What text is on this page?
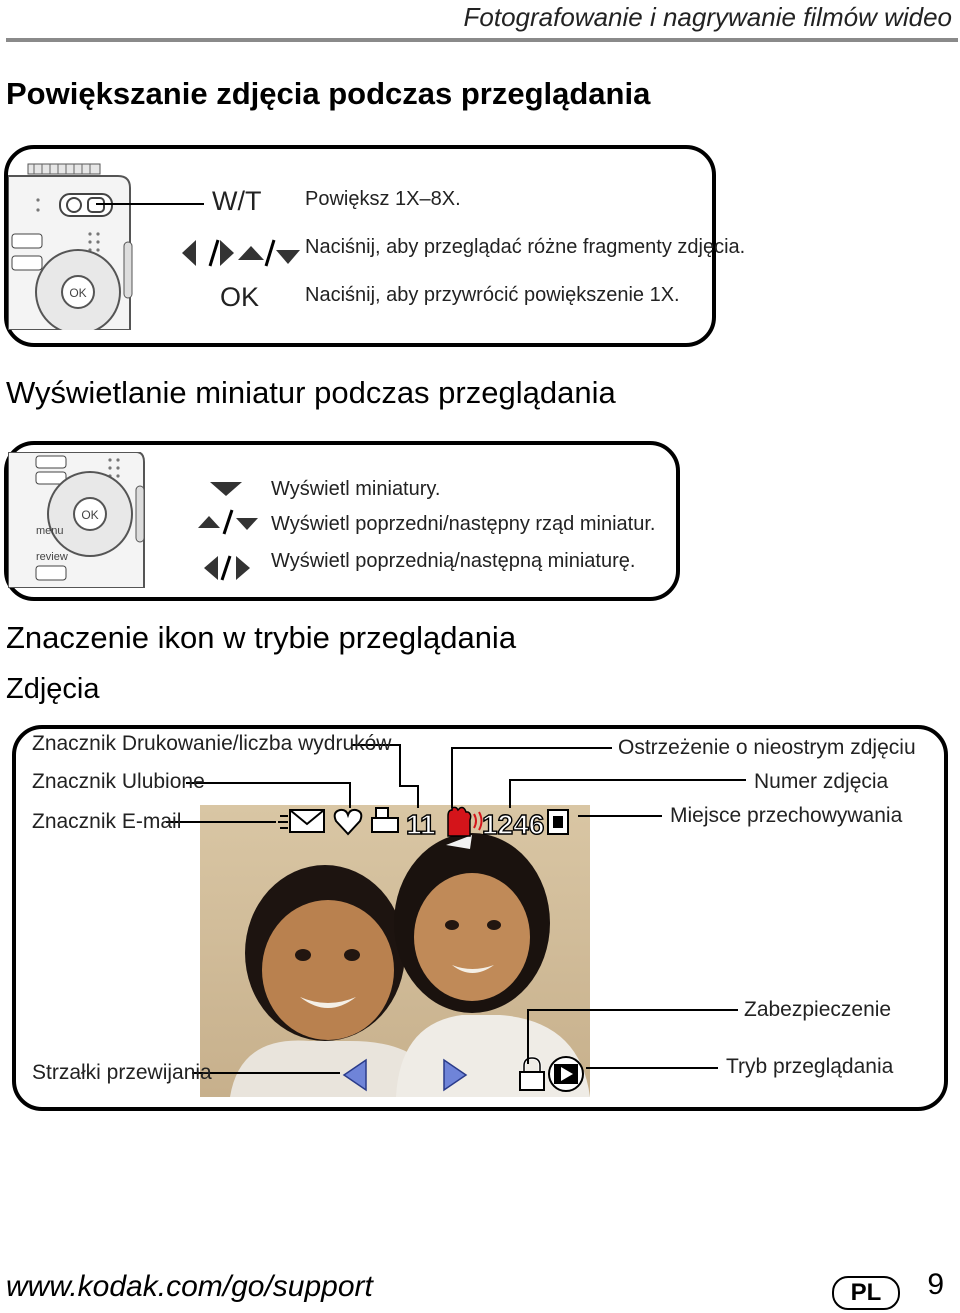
Fotografowanie i nagrywanie filmów wideo
Powiększanie zdjęcia podczas przeglądania
OK
W/T
OK
Powiększ 1X–8X.
Naciśnij, aby przeglądać różne fragmenty zdjęcia.
Naciśnij, aby przywrócić powiększenie 1X.
Wyświetlanie miniatur podczas przeglądania
OK
menu
review
Wyświetl miniatury.
Wyświetl poprzedni/następny rząd miniatur.
Wyświetl poprzednią/następną miniaturę.
Znaczenie ikon w trybie przeglądania
Zdjęcia
11 1246
Znacznik Drukowanie/liczba wydruków
Znacznik Ulubione
Znacznik E-mail
Ostrzeżenie o nieostrym zdjęciu
Numer zdjęcia
Miejsce przechowywania
Zabezpieczenie
Strzałki przewijania	Tryb przeglądania
www.kodak.com/go/support	PL	9
